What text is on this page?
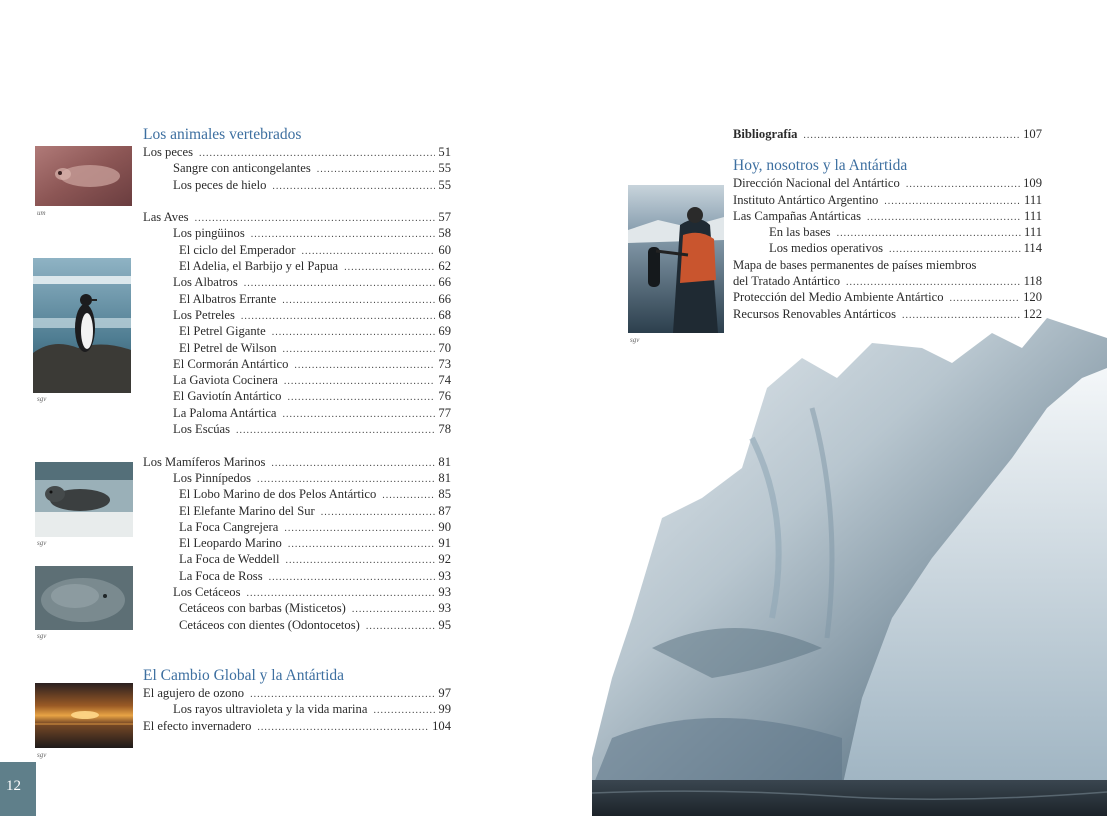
um
sgv
sgv
sgv
sgv
Los animales vertebrados
Los peces .....	51
Sangre con anticongelantes .....	55
Los peces de hielo .....	55
Las Aves .....	57
Los pingüinos .....	58
El ciclo del Emperador .....	60
El Adelia, el Barbijo y el Papua .....	62
Los Albatros .....	66
El Albatros Errante .....	66
Los Petreles .....	68
El Petrel Gigante .....	69
El Petrel de Wilson .....	70
El Cormorán Antártico .....	73
La Gaviota Cocinera .....	74
El Gaviotín Antártico .....	76
La Paloma Antártica .....	77
Los Escúas .....	78
Los Mamíferos Marinos .....	81
Los Pinnípedos .....	81
El Lobo Marino de dos Pelos Antártico .....	85
El Elefante Marino del Sur .....	87
La Foca Cangrejera .....	90
El Leopardo Marino .....	91
La Foca de Weddell .....	92
La Foca de Ross .....	93
Los Cetáceos .....	93
Cetáceos con barbas (Misticetos) .....	93
Cetáceos con dientes (Odontocetos) .....	95
El Cambio Global y la Antártida
El agujero de ozono .....	97
Los rayos ultravioleta y la vida marina .....	99
El efecto invernadero .....	104
12
sgv
Bibliografía .....	107
Hoy, nosotros y la Antártida
Dirección Nacional del Antártico .....	109
Instituto Antártico Argentino .....	111
Las Campañas Antárticas .....	111
En las bases .....	111
Los medios operativos .....	114
Mapa de bases permanentes de países miembros
del Tratado Antártico .....	118
Protección del Medio Ambiente Antártico .....	120
Recursos Renovables Antárticos .....	122
